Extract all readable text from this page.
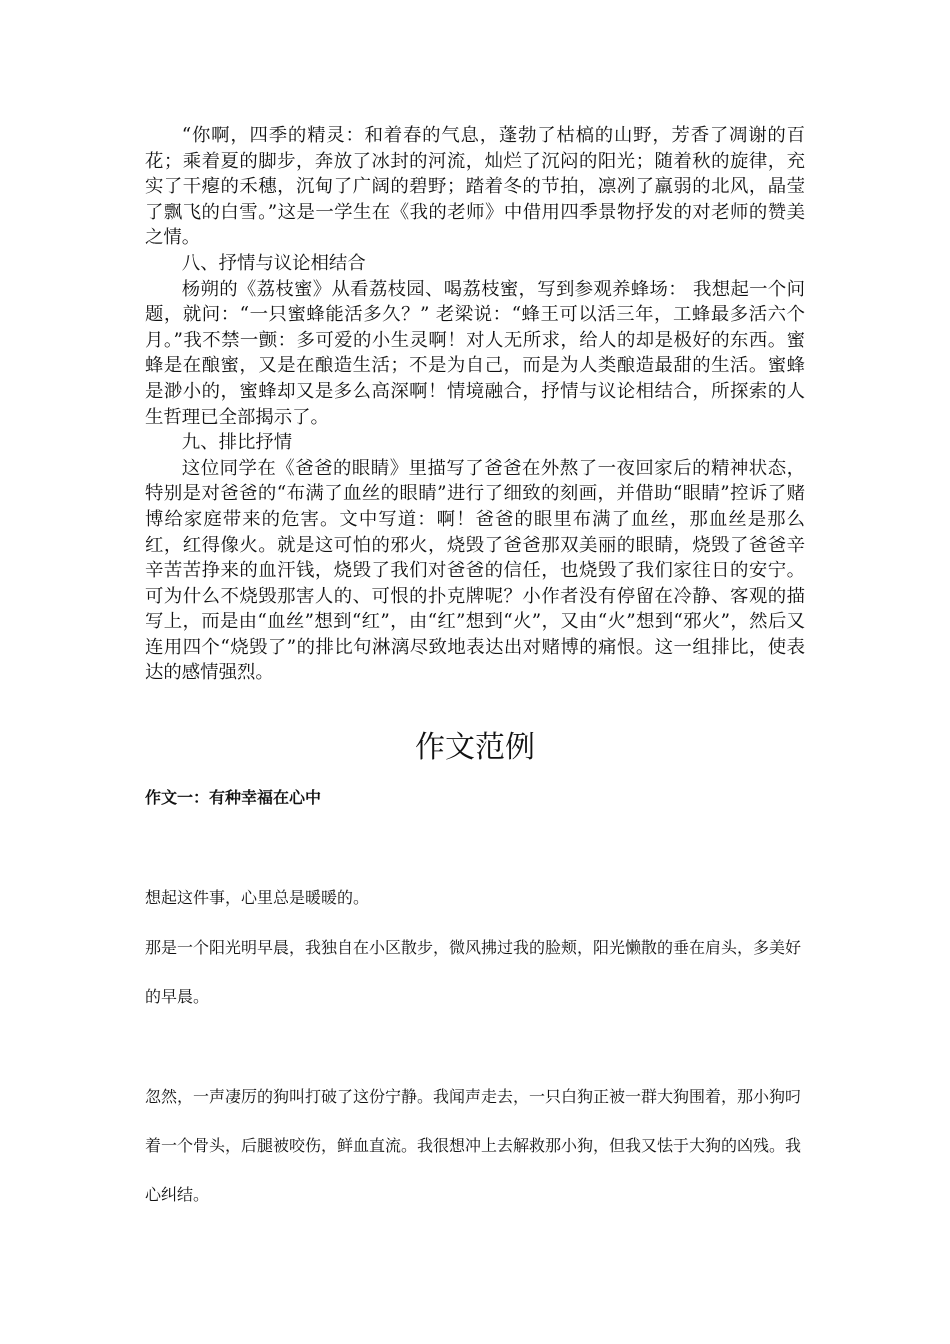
“你啊，四季的精灵：和着春的气息，蓬勃了枯槁的山野，芳香了凋谢的百花；乘着夏的脚步，奔放了冰封的河流，灿烂了沉闷的阳光；随着秋的旋律，充实了干瘪的禾穗，沉甸了广阔的碧野；踏着冬的节拍，凛冽了羸弱的北风，晶莹了飘飞的白雪。”这是一学生在《我的老师》中借用四季景物抒发的对老师的赞美之情。

八、抒情与议论相结合

杨朔的《荔枝蜜》从看荔枝园、喝荔枝蜜，写到参观养蜂场： 我想起一个问题，就问：“一只蜜蜂能活多久？” 老梁说：“蜂王可以活三年，工蜂最多活六个月。”我不禁一颤：多可爱的小生灵啊！对人无所求，给人的却是极好的东西。蜜蜂是在酿蜜，又是在酿造生活；不是为自己，而是为人类酿造最甜的生活。蜜蜂是渺小的，蜜蜂却又是多么高深啊！情境融合，抒情与议论相结合，所探索的人生哲理已全部揭示了。

九、排比抒情

这位同学在《爸爸的眼睛》里描写了爸爸在外熬了一夜回家后的精神状态，特别是对爸爸的“布满了血丝的眼睛”进行了细致的刻画，并借助“眼睛”控诉了赌博给家庭带来的危害。文中写道：啊！爸爸的眼里布满了血丝，那血丝是那么红，红得像火。就是这可怕的邪火，烧毁了爸爸那双美丽的眼睛，烧毁了爸爸辛辛苦苦挣来的血汗钱，烧毁了我们对爸爸的信任，也烧毁了我们家往日的安宁。可为什么不烧毁那害人的、可恨的扑克牌呢？小作者没有停留在冷静、客观的描写上，而是由“血丝”想到“红”，由“红”想到“火”，又由“火”想到“邪火”，然后又连用四个“烧毁了”的排比句淋漓尽致地表达出对赌博的痛恨。这一组排比，使表达的感情强烈。

作文范例
作文一：有种幸福在心中

想起这件事，心里总是暖暖的。

那是一个阳光明早晨，我独自在小区散步，微风拂过我的脸颊，阳光懒散的垂在肩头，多美好的早晨。

忽然，一声凄厉的狗叫打破了这份宁静。我闻声走去，一只白狗正被一群大狗围着，那小狗叼着一个骨头，后腿被咬伤，鲜血直流。我很想冲上去解救那小狗，但我又怯于大狗的凶残。我心纠结。
